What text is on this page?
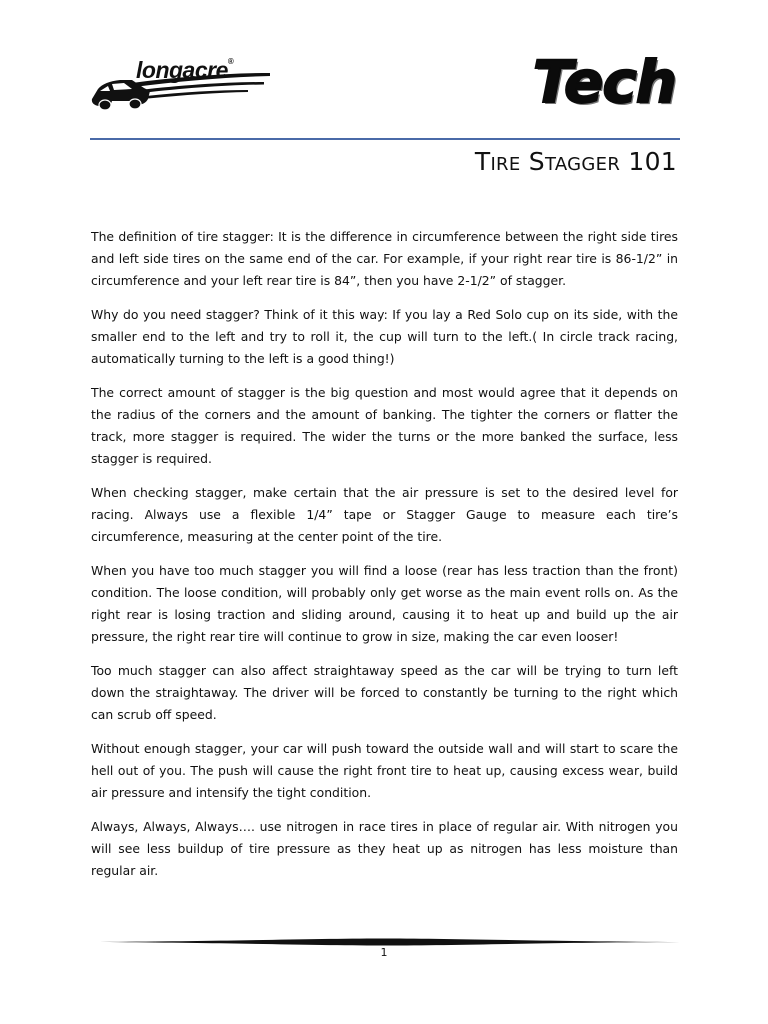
longacre®	Tech
Tire Stagger 101

The definition of tire stagger: It is the difference in circumference between the right side tires and left side tires on the same end of the car. For example, if your right rear tire is 86-1/2” in circumference and your left rear tire is 84”, then you have 2-1/2” of stagger.

Why do you need stagger? Think of it this way: If you lay a Red Solo cup on its side, with the smaller end to the left and try to roll it, the cup will turn to the left.( In circle track racing, automatically turning to the left is a good thing!)

The correct amount of stagger is the big question and most would agree that it depends on the radius of the corners and the amount of banking. The tighter the corners or flatter the track, more stagger is required. The wider the turns or the more banked the surface, less stagger is required.

When checking stagger, make certain that the air pressure is set to the desired level for racing. Always use a flexible 1/4” tape or Stagger Gauge to measure each tire’s circumference, measuring at the center point of the tire.

When you have too much stagger you will find a loose (rear has less traction than the front) condition. The loose condition, will probably only get worse as the main event rolls on. As the right rear is losing traction and sliding around, causing it to heat up and build up the air pressure, the right rear tire will continue to grow in size, making the car even looser!

Too much stagger can also affect straightaway speed as the car will be trying to turn left down the straightaway. The driver will be forced to constantly be turning to the right which can scrub off speed.

Without enough stagger, your car will push toward the outside wall and will start to scare the hell out of you. The push will cause the right front tire to heat up, causing excess wear, build air pressure and intensify the tight condition.

Always, Always, Always…. use nitrogen in race tires in place of regular air. With nitrogen you will see less buildup of tire pressure as they heat up as nitrogen has less moisture than regular air.

1
